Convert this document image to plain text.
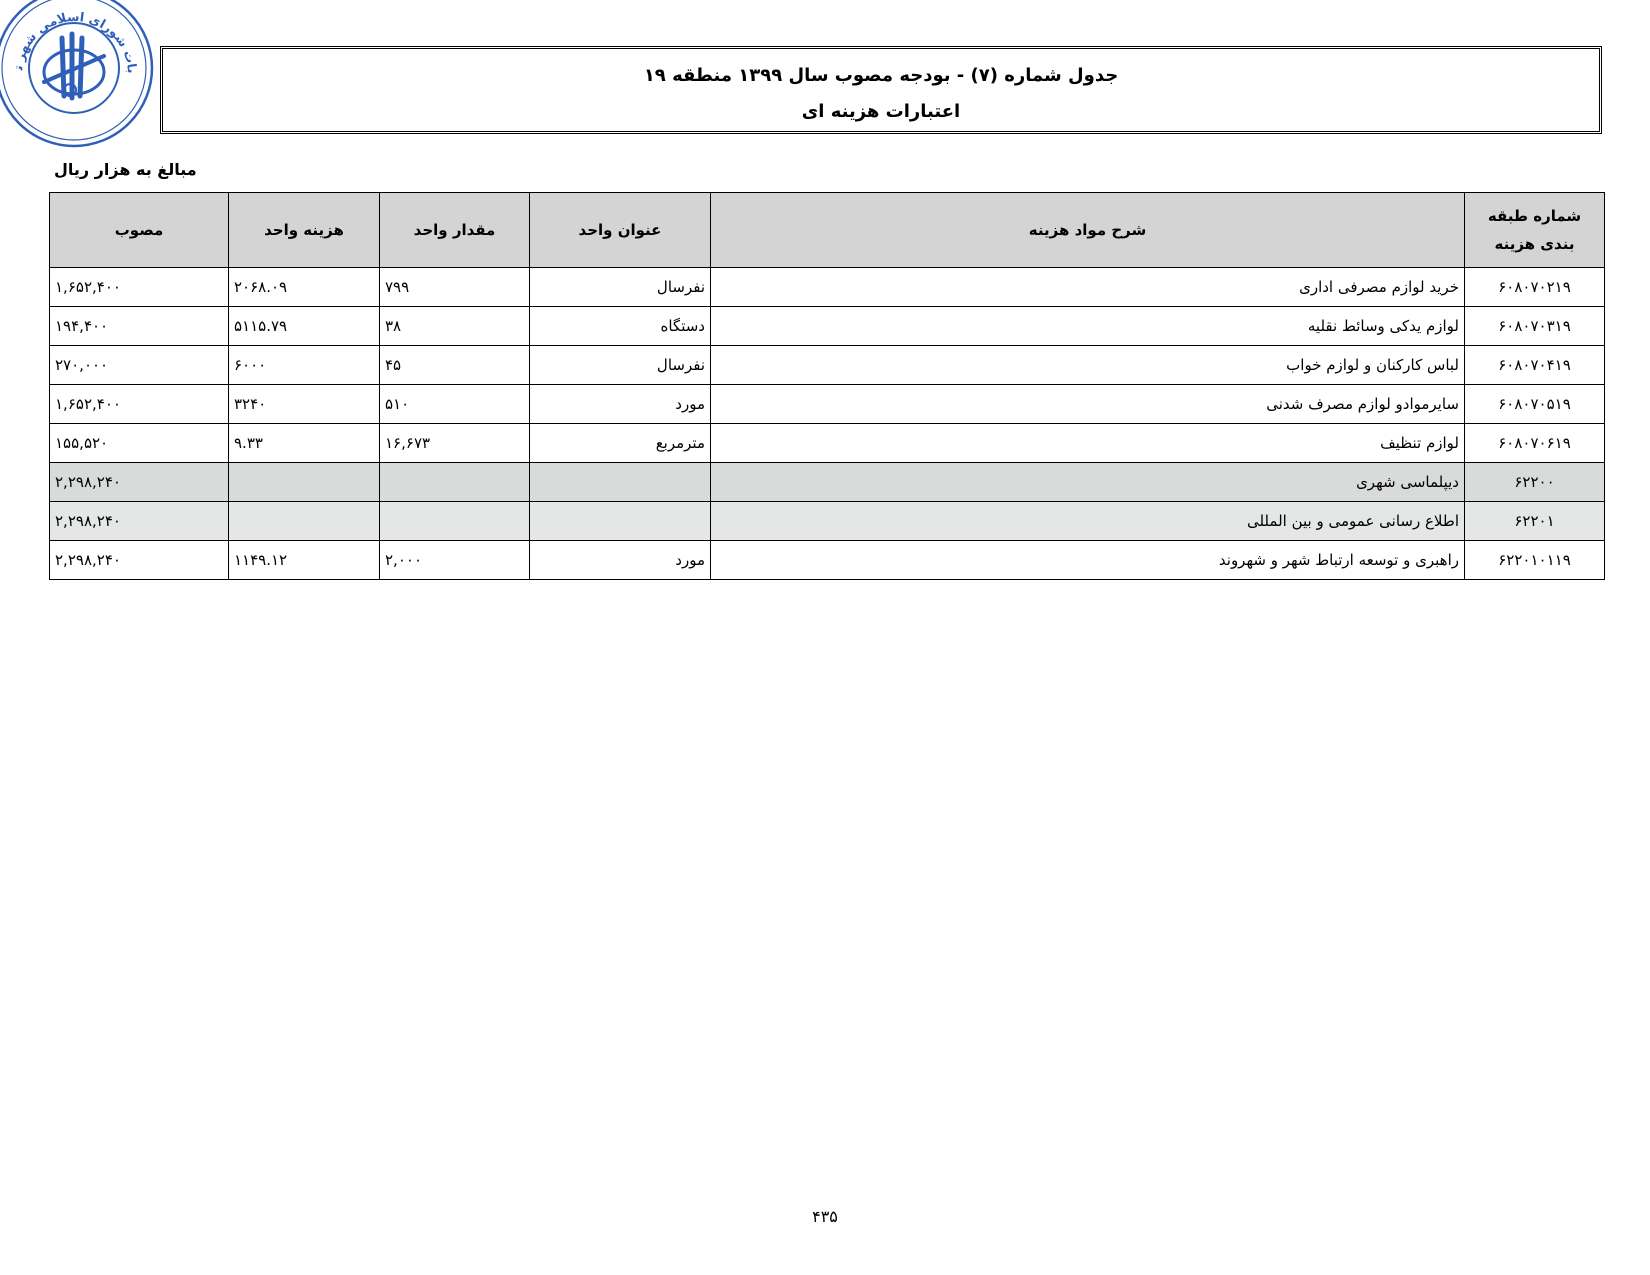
بات شورای اسلامی شهر ت	جدول شماره (۷) - بودجه مصوب سال ۱۳۹۹ منطقه ۱۹
اعتبارات هزینه ای
مبالغ به هزار ریال
شماره طبقه بندی هزینه	شرح مواد هزینه	عنوان واحد	مقدار واحد	هزینه واحد	مصوب
۶۰۸۰۷۰۲۱۹	خرید لوازم مصرفی اداری	نفرسال	۷۹۹	۲۰۶۸.۰۹	۱,۶۵۲,۴۰۰
۶۰۸۰۷۰۳۱۹	لوازم یدکی وسائط نقلیه	دستگاه	۳۸	۵۱۱۵.۷۹	۱۹۴,۴۰۰
۶۰۸۰۷۰۴۱۹	لباس کارکنان و لوازم خواب	نفرسال	۴۵	۶۰۰۰	۲۷۰,۰۰۰
۶۰۸۰۷۰۵۱۹	سایرموادو لوازم مصرف شدنی	مورد	۵۱۰	۳۲۴۰	۱,۶۵۲,۴۰۰
۶۰۸۰۷۰۶۱۹	لوازم تنظیف	مترمربع	۱۶,۶۷۳	۹.۳۳	۱۵۵,۵۲۰
۶۲۲۰۰	دیپلماسی شهری				۲,۲۹۸,۲۴۰
۶۲۲۰۱	اطلاع رسانی عمومی و بین المللی				۲,۲۹۸,۲۴۰
۶۲۲۰۱۰۱۱۹	راهبری و توسعه ارتباط شهر و شهروند	مورد	۲,۰۰۰	۱۱۴۹.۱۲	۲,۲۹۸,۲۴۰
۴۳۵
